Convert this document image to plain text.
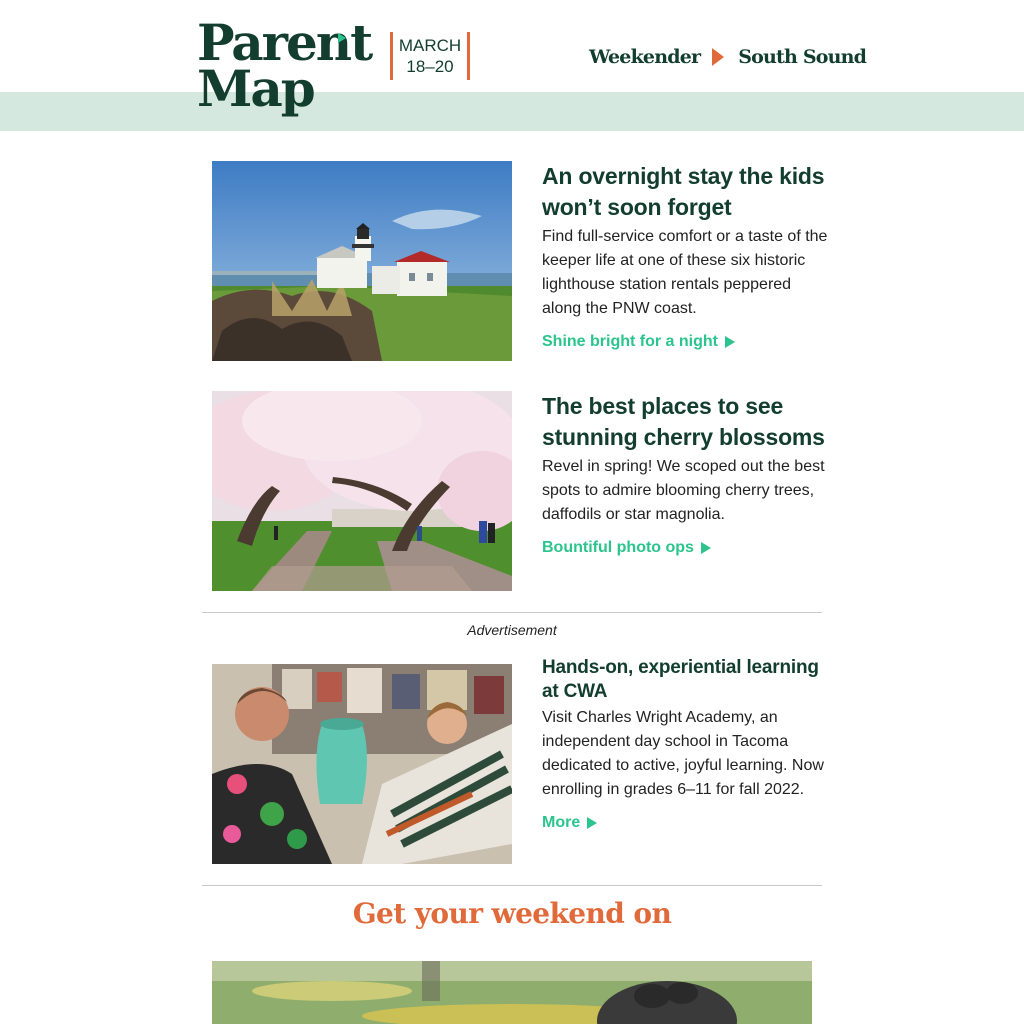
Parent
Map
MARCH
18–20	Weekender South Sound
An overnight stay the kids won’t soon forget
Find full-service comfort or a taste of the keeper life at one of these six historic lighthouse station rentals peppered along the PNW coast.
Shine bright for a night
The best places to see stunning cherry blossoms
Revel in spring! We scoped out the best spots to admire blooming cherry trees, daffodils or star magnolia.
Bountiful photo ops
Advertisement
Hands-on, experiential learning at CWA
Visit Charles Wright Academy, an independent day school in Tacoma dedicated to active, joyful learning. Now enrolling in grades 6–11 for fall 2022.
More
Get your weekend on
